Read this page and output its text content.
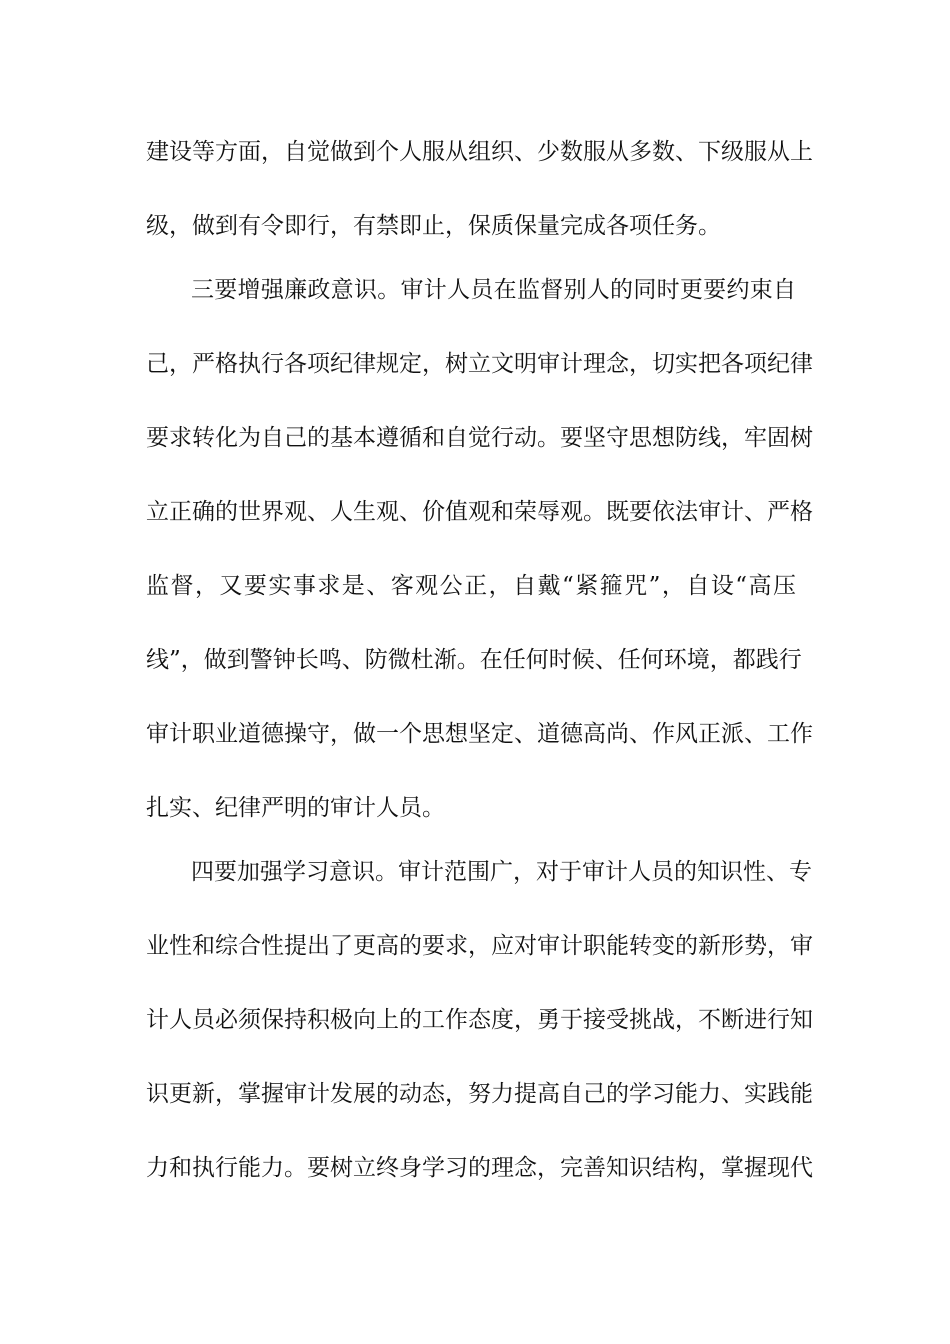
建设等方面，自觉做到个人服从组织、少数服从多数、下级服从上
级，做到有令即行，有禁即止，保质保量完成各项任务。
三要增强廉政意识。审计人员在监督别人的同时更要约束自
己，严格执行各项纪律规定，树立文明审计理念，切实把各项纪律
要求转化为自己的基本遵循和自觉行动。要坚守思想防线，牢固树
立正确的世界观、人生观、价值观和荣辱观。既要依法审计、严格
监督，又要实事求是、客观公正，自戴“紧箍咒”，自设“高压
线”，做到警钟长鸣、防微杜渐。在任何时候、任何环境，都践行
审计职业道德操守，做一个思想坚定、道德高尚、作风正派、工作
扎实、纪律严明的审计人员。
四要加强学习意识。审计范围广，对于审计人员的知识性、专
业性和综合性提出了更高的要求，应对审计职能转变的新形势，审
计人员必须保持积极向上的工作态度，勇于接受挑战，不断进行知
识更新，掌握审计发展的动态，努力提高自己的学习能力、实践能
力和执行能力。要树立终身学习的理念，完善知识结构，掌握现代
